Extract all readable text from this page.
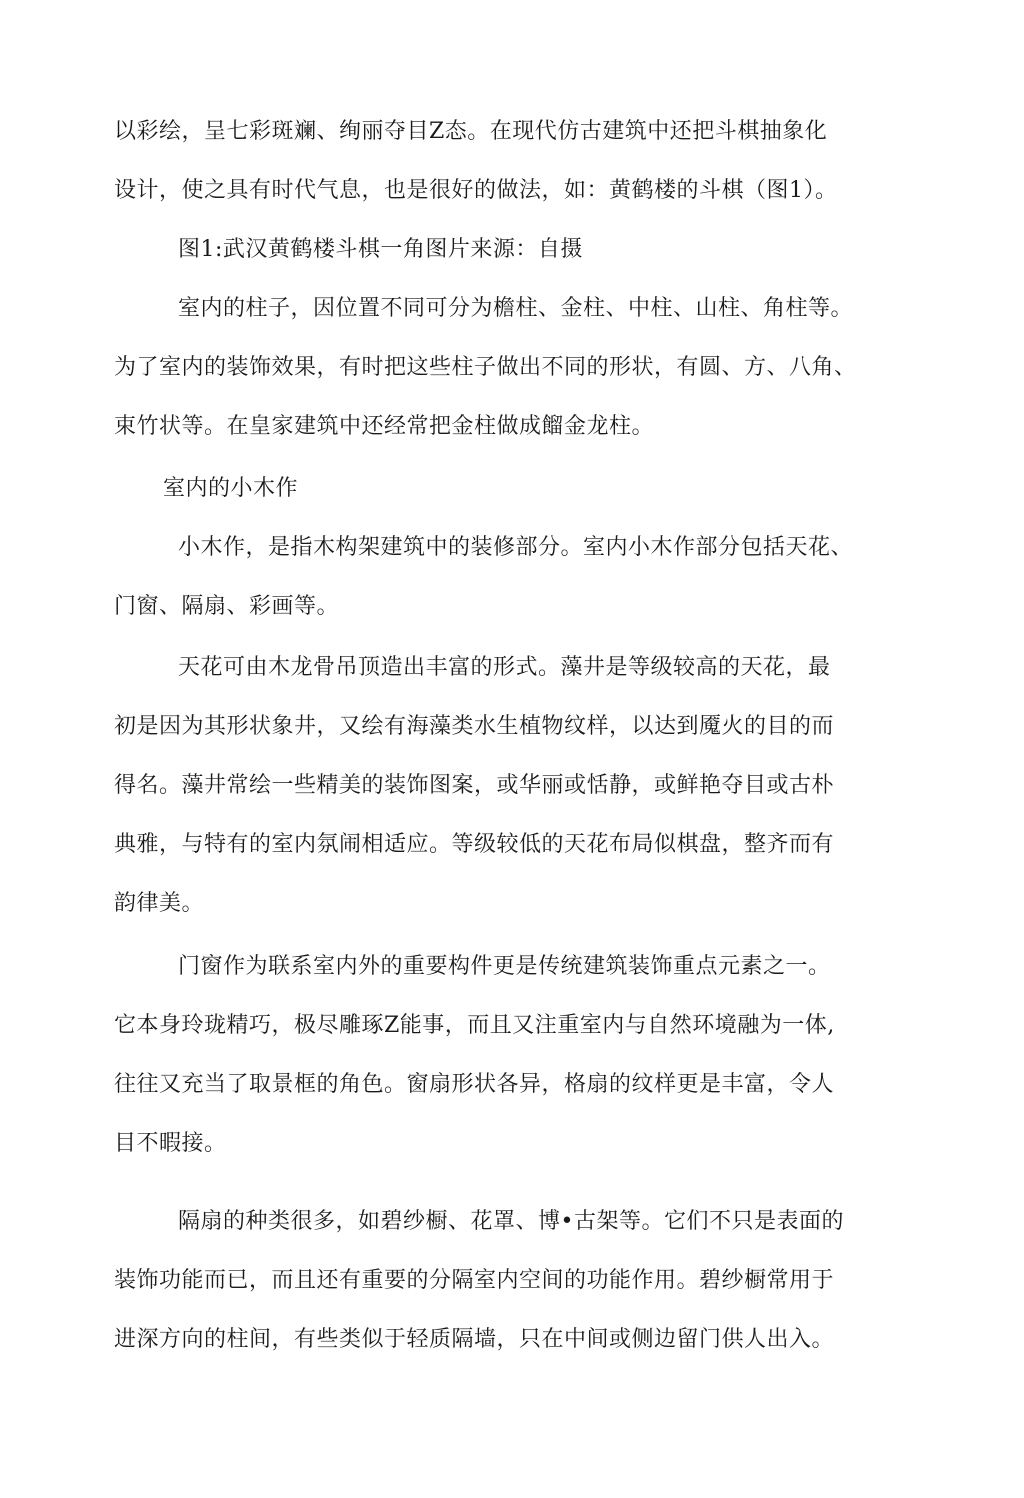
以彩绘，呈七彩斑斓、绚丽夺目Z态。在现代仿古建筑中还把斗棋抽象化
设计，使之具有时代气息，也是很好的做法，如：黄鹤楼的斗棋（图1）。
图1:武汉黄鹤楼斗棋一角图片来源：自摄
室内的柱子，因位置不同可分为檐柱、金柱、中柱、山柱、角柱等。
为了室内的装饰效果，有时把这些柱子做出不同的形状，有圆、方、八角、
束竹状等。在皇家建筑中还经常把金柱做成餾金龙柱。
室内的小木作
小木作，是指木构架建筑中的装修部分。室内小木作部分包括天花、
门窗、隔扇、彩画等。
天花可由木龙骨吊顶造出丰富的形式。藻井是等级较高的天花，最
初是因为其形状象井，又绘有海藻类水生植物纹样，以达到魇火的目的而
得名。藻井常绘一些精美的装饰图案，或华丽或恬静，或鲜艳夺目或古朴
典雅，与特有的室内氛闹相适应。等级较低的天花布局似棋盘，整齐而有
韵律美。
门窗作为联系室内外的重要构件更是传统建筑装饰重点元素之一。
它本身玲珑精巧，极尽雕琢Z能事，而且又注重室内与自然环境融为一体,
往往又充当了取景框的角色。窗扇形状各异，格扇的纹样更是丰富，令人
目不暇接。
隔扇的种类很多，如碧纱橱、花罩、博•古架等。它们不只是表面的
装饰功能而已，而且还有重要的分隔室内空间的功能作用。碧纱橱常用于
进深方向的柱间，有些类似于轻质隔墙，只在中间或侧边留门供人出入。
